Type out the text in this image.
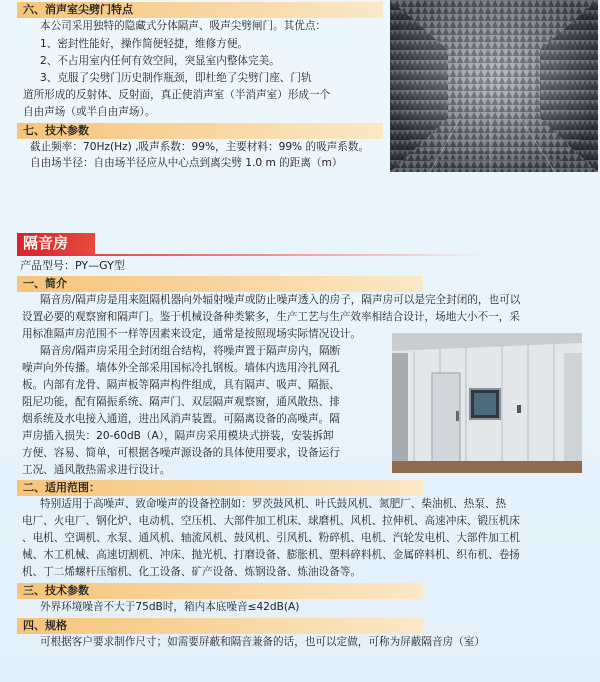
六、消声室尖劈门特点
本公司采用独特的隐藏式分体隔声、吸声尖劈闸门。其优点：
1、密封性能好，操作简便轻捷，维修方便。
2、不占用室内任何有效空间，突显室内整体完美。
3、克服了尖劈门历史制作瓶颈，即杜绝了尖劈门座、门轨
道所形成的反射体、反射面，真正使消声室（半消声室）形成一个
自由声场（或半自由声场）。
七、技术参数
截止频率：70Hz(Hz) ,吸声系数：99%，主要材料：99% 的吸声系数。
自由场半径：自由场半径应从中心点到离尖劈 1.0 m 的距离（m）
隔音房
产品型号：PY—GY型
一、简介
隔音房/隔声房是用来阻隔机器向外辐射噪声或防止噪声透入的房子，隔声房可以是完全封闭的，也可以
设置必要的观察窗和隔声门。鉴于机械设备种类繁多，生产工艺与生产效率相结合设计，场地大小不一，采
用标准隔声房范围不一样等因素来设定，通常是按照现场实际情况设计。
隔音房/隔声房采用全封闭组合结构，将噪声置于隔声房内，隔断
噪声向外传播。墙体外全部采用国标冷扎钢板。墙体内选用冷扎网孔
板。内部有龙骨、隔声板等隔声构件组成，具有隔声、吸声、隔振、
阻尼功能，配有隔振系统、隔声门、双层隔声观察窗，通风散热、排
烟系统及水电接入通道，进出风消声装置。可隔离设备的高噪声。隔
声房插入损失：20-60dB（A），隔声房采用模块式拼装，安装拆卸
方便、容易、简单，可根据各噪声源设备的具体使用要求，设备运行
工况、通风散热需求进行设计。
二、适用范围：
特别适用于高噪声、致命噪声的设备控制如：罗茨鼓风机、叶氏鼓风机、氮肥厂、柴油机、热泵、热
电厂、火电厂、钢化炉、电动机、空压机、大部件加工机床、球磨机、风机、拉伸机、高速冲床、锻压机床
、电机、空调机、水泵、通风机、轴流风机、鼓风机、引风机、粉碎机、电机、汽轮发电机、大部件加工机
械、木工机械、高速切割机、冲床、抛光机、打磨设备、膨胀机、塑料碎料机、金属碎料机、织布机、卷扬
机、丁二烯螺杆压缩机、化工设备、矿产设备、炼钢设备、炼油设备等。
三、技术参数
外界环境噪音不大于75dB时，箱内本底噪音≤42dB(A)
四、规格
可根据客户要求制作尺寸；如需要屏蔽和隔音兼备的话，也可以定做，可称为屏蔽隔音房（室）
